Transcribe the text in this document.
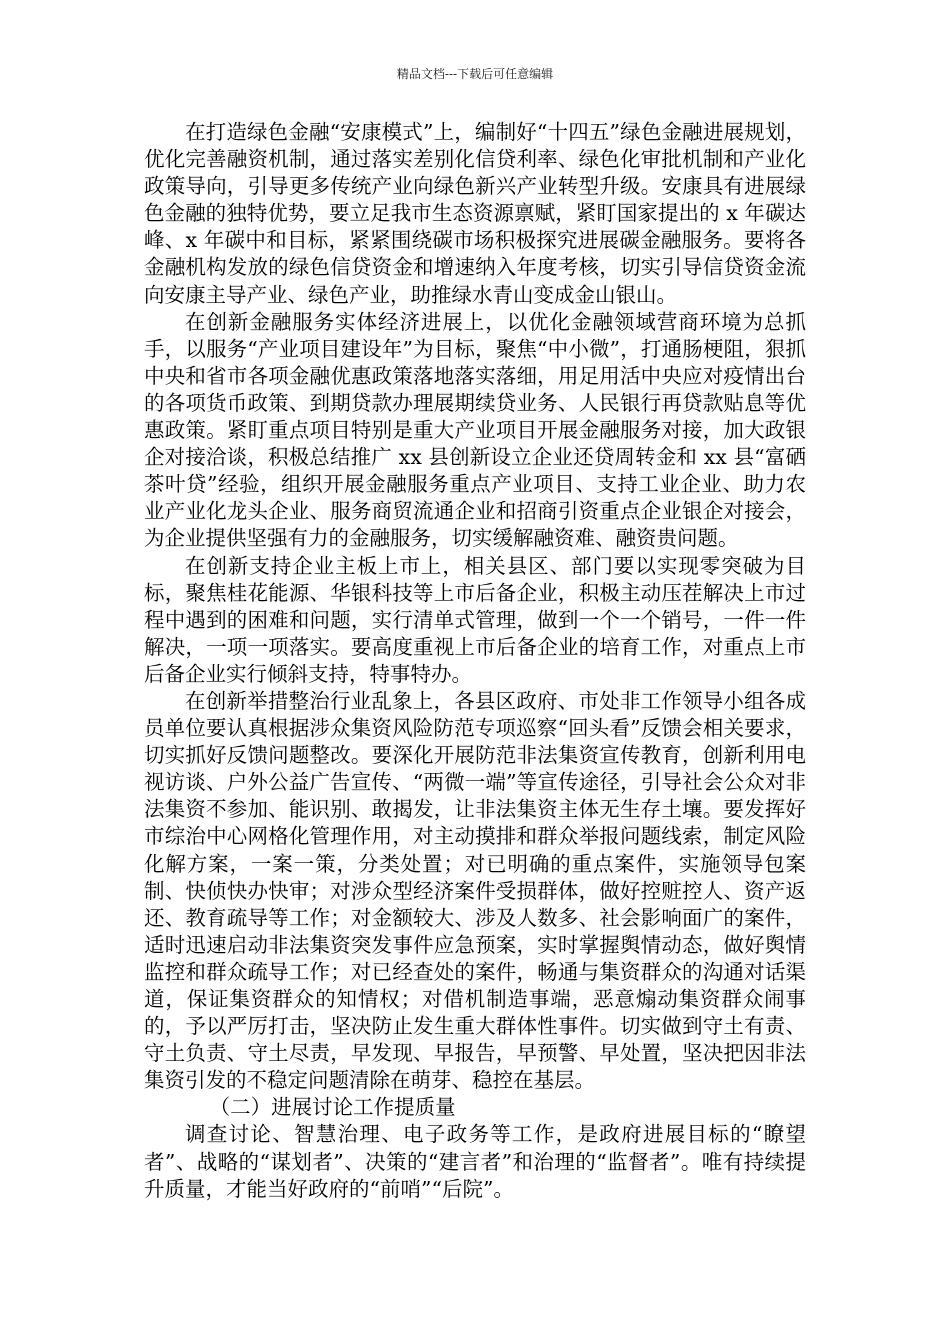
精品文档---下载后可任意编辑

在打造绿色金融“安康模式”上，编制好“十四五”绿色金融进展规划，优化完善融资机制，通过落实差别化信贷利率、绿色化审批机制和产业化政策导向，引导更多传统产业向绿色新兴产业转型升级。安康具有进展绿色金融的独特优势，要立足我市生态资源禀赋，紧盯国家提出的 x 年碳达峰、x 年碳中和目标，紧紧围绕碳市场积极探究进展碳金融服务。要将各金融机构发放的绿色信贷资金和增速纳入年度考核，切实引导信贷资金流向安康主导产业、绿色产业，助推绿水青山变成金山银山。

在创新金融服务实体经济进展上，以优化金融领域营商环境为总抓手，以服务“产业项目建设年”为目标，聚焦“中小微”，打通肠梗阻，狠抓中央和省市各项金融优惠政策落地落实落细，用足用活中央应对疫情出台的各项货币政策、到期贷款办理展期续贷业务、人民银行再贷款贴息等优惠政策。紧盯重点项目特别是重大产业项目开展金融服务对接，加大政银企对接洽谈，积极总结推广 xx 县创新设立企业还贷周转金和 xx 县“富硒茶叶贷”经验，组织开展金融服务重点产业项目、支持工业企业、助力农业产业化龙头企业、服务商贸流通企业和招商引资重点企业银企对接会，为企业提供坚强有力的金融服务，切实缓解融资难、融资贵问题。

在创新支持企业主板上市上，相关县区、部门要以实现零突破为目标，聚焦桂花能源、华银科技等上市后备企业，积极主动压茬解决上市过程中遇到的困难和问题，实行清单式管理，做到一个一个销号，一件一件解决，一项一项落实。要高度重视上市后备企业的培育工作，对重点上市后备企业实行倾斜支持，特事特办。

在创新举措整治行业乱象上，各县区政府、市处非工作领导小组各成员单位要认真根据涉众集资风险防范专项巡察“回头看”反馈会相关要求，切实抓好反馈问题整改。要深化开展防范非法集资宣传教育，创新利用电视访谈、户外公益广告宣传、“两微一端”等宣传途径，引导社会公众对非法集资不参加、能识别、敢揭发，让非法集资主体无生存土壤。要发挥好市综治中心网格化管理作用，对主动摸排和群众举报问题线索，制定风险化解方案，一案一策，分类处置；对已明确的重点案件，实施领导包案制、快侦快办快审；对涉众型经济案件受损群体，做好控赃控人、资产返还、教育疏导等工作；对金额较大、涉及人数多、社会影响面广的案件，适时迅速启动非法集资突发事件应急预案，实时掌握舆情动态，做好舆情监控和群众疏导工作；对已经查处的案件，畅通与集资群众的沟通对话渠道，保证集资群众的知情权；对借机制造事端，恶意煽动集资群众闹事的，予以严厉打击，坚决防止发生重大群体性事件。切实做到守土有责、守土负责、守土尽责，早发现、早报告，早预警、早处置，坚决把因非法集资引发的不稳定问题清除在萌芽、稳控在基层。

（二）进展讨论工作提质量

调查讨论、智慧治理、电子政务等工作，是政府进展目标的“瞭望者”、战略的“谋划者”、决策的“建言者”和治理的“监督者”。唯有持续提升质量，才能当好政府的“前哨”“后院”。
